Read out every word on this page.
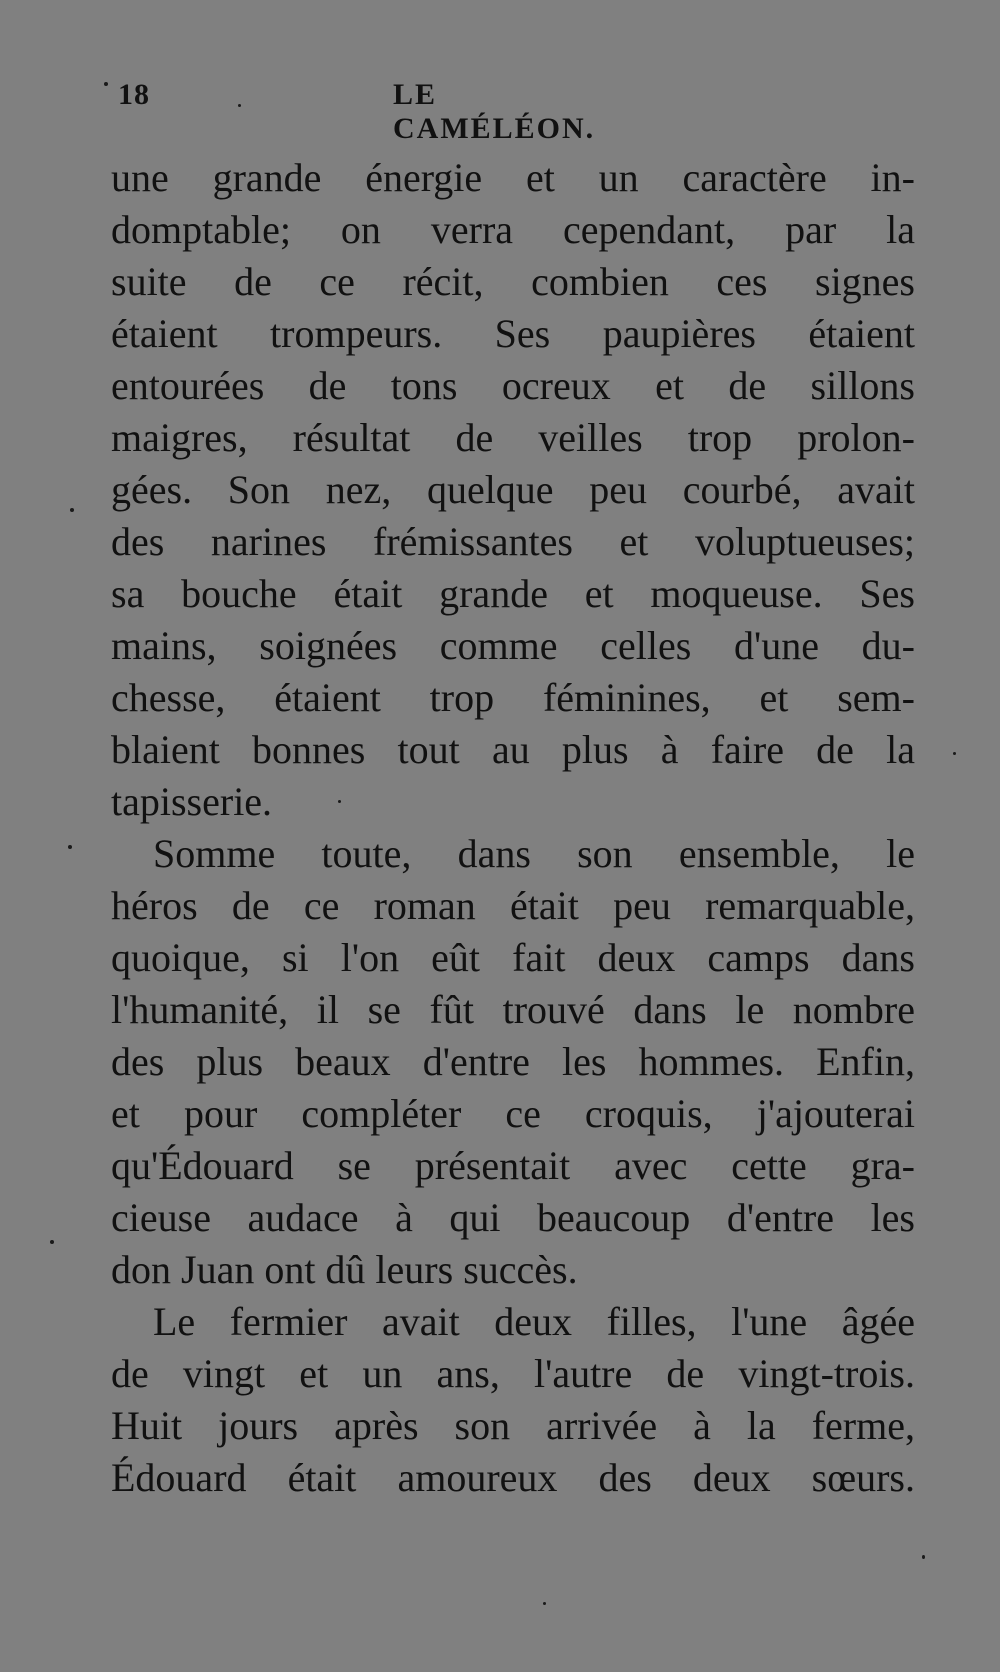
18	LE CAMÉLÉON.
une grande énergie et un caractère in-
domptable; on verra cependant, par la
suite de ce récit, combien ces signes
étaient trompeurs. Ses paupières étaient
entourées de tons ocreux et de sillons
maigres, résultat de veilles trop prolon-
gées. Son nez, quelque peu courbé, avait
des narines frémissantes et voluptueuses;
sa bouche était grande et moqueuse. Ses
mains, soignées comme celles d'une du-
chesse, étaient trop féminines, et sem-
blaient bonnes tout au plus à faire de la
tapisserie.
Somme toute, dans son ensemble, le
héros de ce roman était peu remarquable,
quoique, si l'on eût fait deux camps dans
l'humanité, il se fût trouvé dans le nombre
des plus beaux d'entre les hommes. Enfin,
et pour compléter ce croquis, j'ajouterai
qu'Édouard se présentait avec cette gra-
cieuse audace à qui beaucoup d'entre les
don Juan ont dû leurs succès.
Le fermier avait deux filles, l'une âgée
de vingt et un ans, l'autre de vingt-trois.
Huit jours après son arrivée à la ferme,
Édouard était amoureux des deux sœurs.
